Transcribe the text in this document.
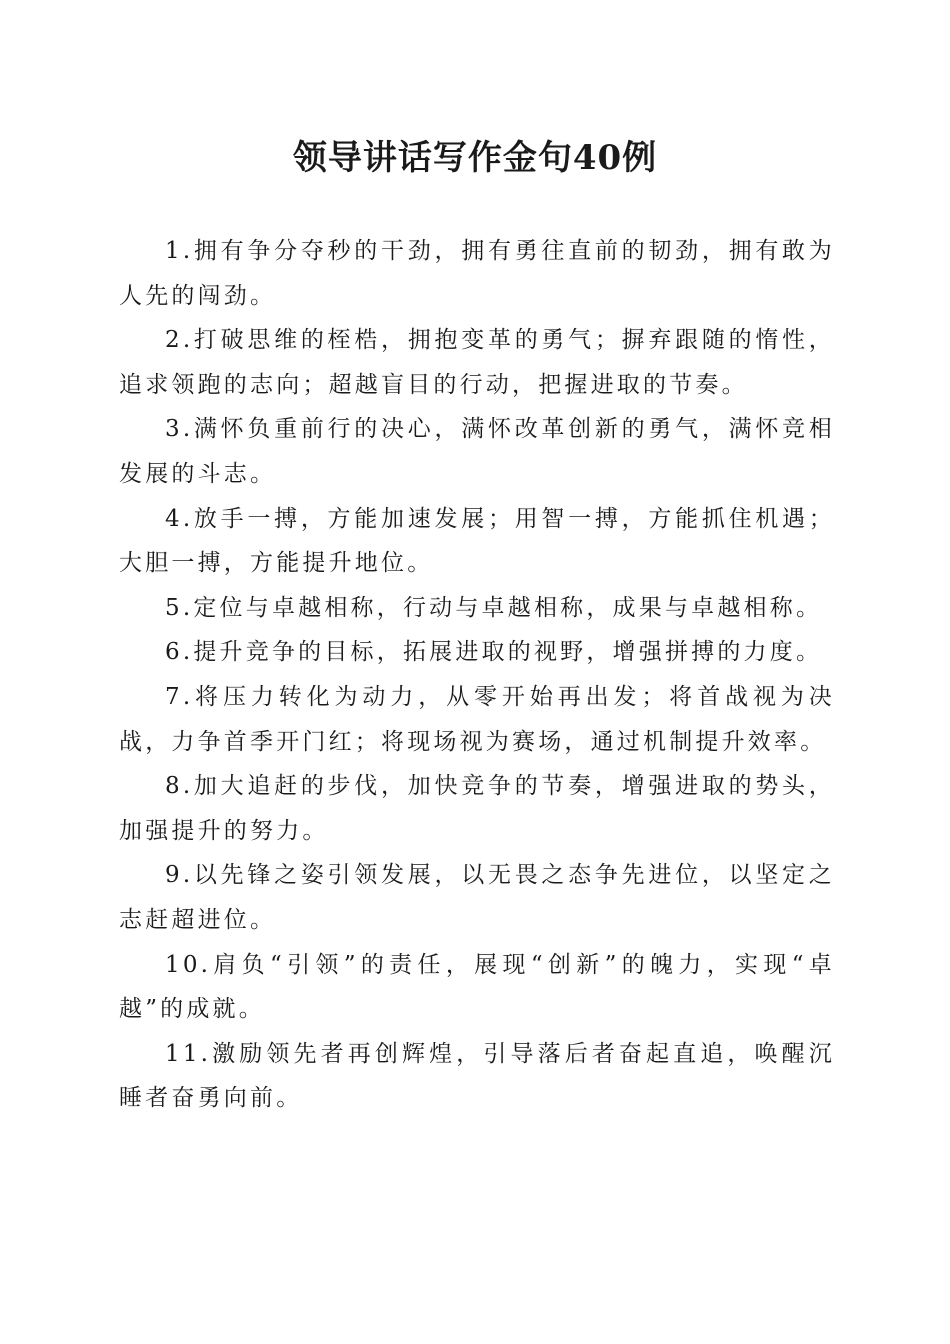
领导讲话写作金句40例

1.拥有争分夺秒的干劲，拥有勇往直前的韧劲，拥有敢为人先的闯劲。

2.打破思维的桎梏，拥抱变革的勇气；摒弃跟随的惰性，追求领跑的志向；超越盲目的行动，把握进取的节奏。

3.满怀负重前行的决心，满怀改革创新的勇气，满怀竞相发展的斗志。

4.放手一搏，方能加速发展；用智一搏，方能抓住机遇；大胆一搏，方能提升地位。

5.定位与卓越相称，行动与卓越相称，成果与卓越相称。

6.提升竞争的目标，拓展进取的视野，增强拼搏的力度。

7.将压力转化为动力，从零开始再出发；将首战视为决战，力争首季开门红；将现场视为赛场，通过机制提升效率。

8.加大追赶的步伐，加快竞争的节奏，增强进取的势头，加强提升的努力。

9.以先锋之姿引领发展，以无畏之态争先进位，以坚定之志赶超进位。

10.肩负“引领”的责任，展现“创新”的魄力，实现“卓越”的成就。

11.激励领先者再创辉煌，引导落后者奋起直追，唤醒沉睡者奋勇向前。
